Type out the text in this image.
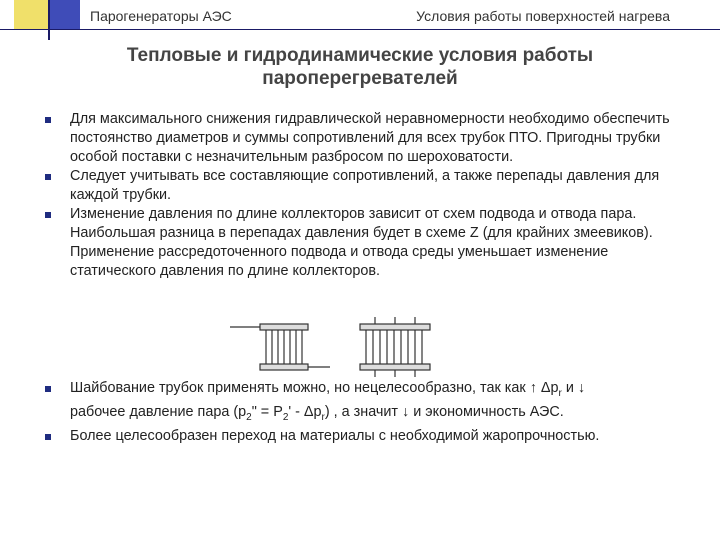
Парогенераторы АЭС	Условия работы поверхностей нагрева
Тепловые и гидродинамические условия работы
пароперегревателей
Для максимального снижения гидравлической неравномерности необходимо обеспечить постоянство диаметров и суммы сопротивлений для всех трубок ПТО. Пригодны трубки особой поставки с незначительным разбросом по шероховатости.
Следует учитывать все составляющие сопротивлений, а также перепады давления для каждой трубки.
Изменение давления по длине коллекторов зависит от схем подвода и отвода пара. Наибольшая разница в перепадах давления будет в схеме Z (для крайних змеевиков). Применение рассредоточенного подвода и отвода среды уменьшает изменение статического давления по длине коллекторов.
Шайбование трубок применять можно, но нецелесообразно, так как ↑ $\Delta p_r$ и ↓
рабочее давление пара ($p_2$" = $P_2' - \Delta p_r$) , а значит ↓ и экономичность АЭС.
Более целесообразен переход на материалы с необходимой жаропрочностью.
